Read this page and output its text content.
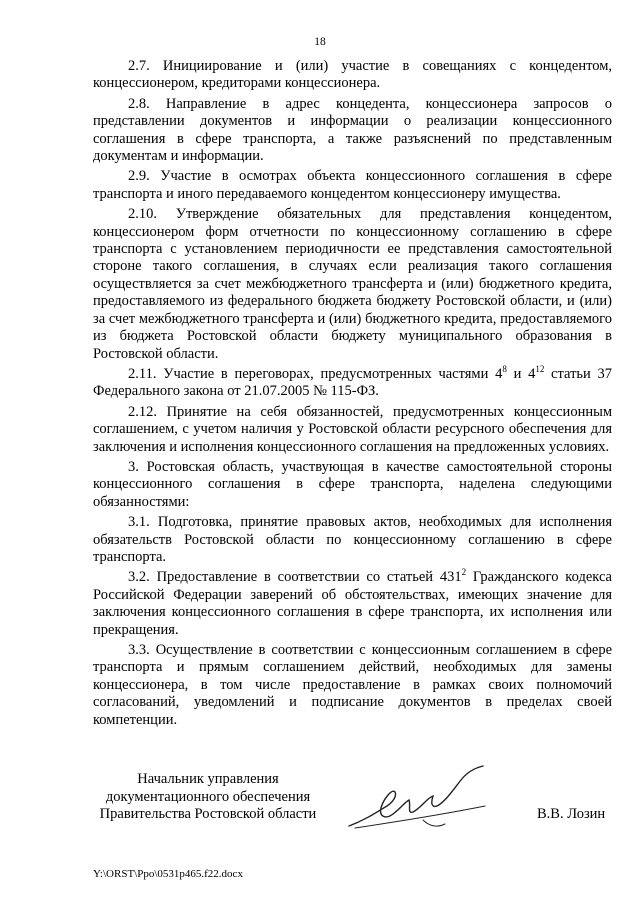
18

2.7. Инициирование и (или) участие в совещаниях с концедентом, концессионером, кредиторами концессионера.

2.8. Направление в адрес концедента, концессионера запросов о представлении документов и информации о реализации концессионного соглашения в сфере транспорта, а также разъяснений по представленным документам и информации.

2.9. Участие в осмотрах объекта концессионного соглашения в сфере транспорта и иного передаваемого концедентом концессионеру имущества.

2.10. Утверждение обязательных для представления концедентом, концессионером форм отчетности по концессионному соглашению в сфере транспорта с установлением периодичности ее представления самостоятельной стороне такого соглашения, в случаях если реализация такого соглашения осуществляется за счет межбюджетного трансферта и (или) бюджетного кредита, предоставляемого из федерального бюджета бюджету Ростовской области, и (или) за счет межбюджетного трансферта и (или) бюджетного кредита, предоставляемого из бюджета Ростовской области бюджету муниципального образования в Ростовской области.

2.11. Участие в переговорах, предусмотренных частями $4^8$ и $4^{12}$ статьи 37 Федерального закона от 21.07.2005 № 115-ФЗ.

2.12. Принятие на себя обязанностей, предусмотренных концессионным соглашением, с учетом наличия у Ростовской области ресурсного обеспечения для заключения и исполнения концессионного соглашения на предложенных условиях.

3. Ростовская область, участвующая в качестве самостоятельной стороны концессионного соглашения в сфере транспорта, наделена следующими обязанностями:

3.1. Подготовка, принятие правовых актов, необходимых для исполнения обязательств Ростовской области по концессионному соглашению в сфере транспорта.

3.2. Предоставление в соответствии со статьей $431^2$ Гражданского кодекса Российской Федерации заверений об обстоятельствах, имеющих значение для заключения концессионного соглашения в сфере транспорта, их исполнения или прекращения.

3.3. Осуществление в соответствии с концессионным соглашением в сфере транспорта и прямым соглашением действий, необходимых для замены концессионера, в том числе предоставление в рамках своих полномочий согласований, уведомлений и подписание документов в пределах своей компетенции.

Начальник управления
документационного обеспечения
Правительства Ростовской области	В.В. Лозин
Y:\ORST\Ppo\0531p465.f22.docx
